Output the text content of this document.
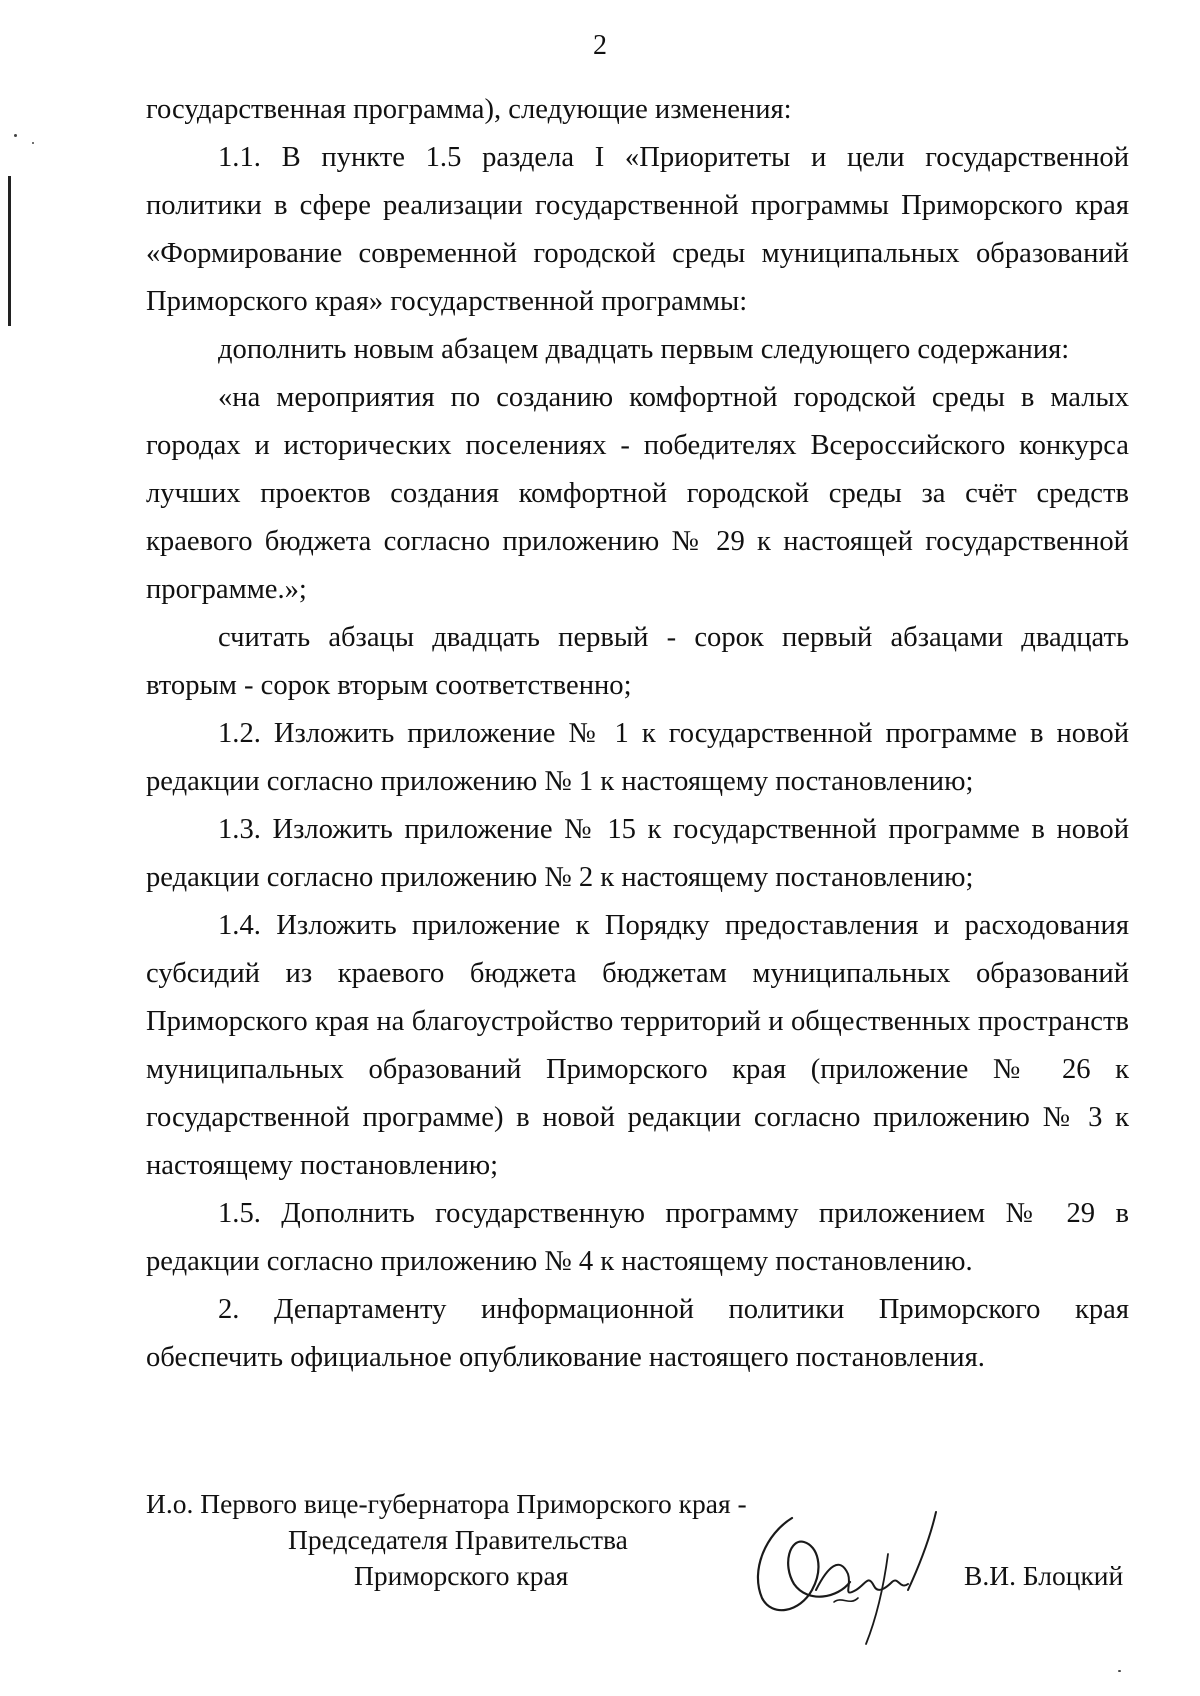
2

государственная программа), следующие изменения:

1.1. В пункте 1.5 раздела I «Приоритеты и цели государственной политики в сфере реализации государственной программы Приморского края «Формирование современной городской среды муниципальных образований Приморского края» государственной программы:

дополнить новым абзацем двадцать первым следующего содержания:

«на мероприятия по созданию комфортной городской среды в малых городах и исторических поселениях - победителях Всероссийского конкурса лучших проектов создания комфортной городской среды за счёт средств краевого бюджета согласно приложению № 29 к настоящей государственной программе.»;

считать абзацы двадцать первый - сорок первый абзацами двадцать вторым - сорок вторым соответственно;

1.2. Изложить приложение № 1 к государственной программе в новой редакции согласно приложению № 1 к настоящему постановлению;

1.3. Изложить приложение № 15 к государственной программе в новой редакции согласно приложению № 2 к настоящему постановлению;

1.4. Изложить приложение к Порядку предоставления и расходования субсидий из краевого бюджета бюджетам муниципальных образований Приморского края на благоустройство территорий и общественных пространств муниципальных образований Приморского края (приложение № 26 к государственной программе) в новой редакции согласно приложению № 3 к настоящему постановлению;

1.5. Дополнить государственную программу приложением № 29 в редакции согласно приложению № 4 к настоящему постановлению.

2. Департаменту информационной политики Приморского края обеспечить официальное опубликование настоящего постановления.

И.о. Первого вице-губернатора Приморского края -
Председателя Правительства
Приморского края	В.И. Блоцкий
